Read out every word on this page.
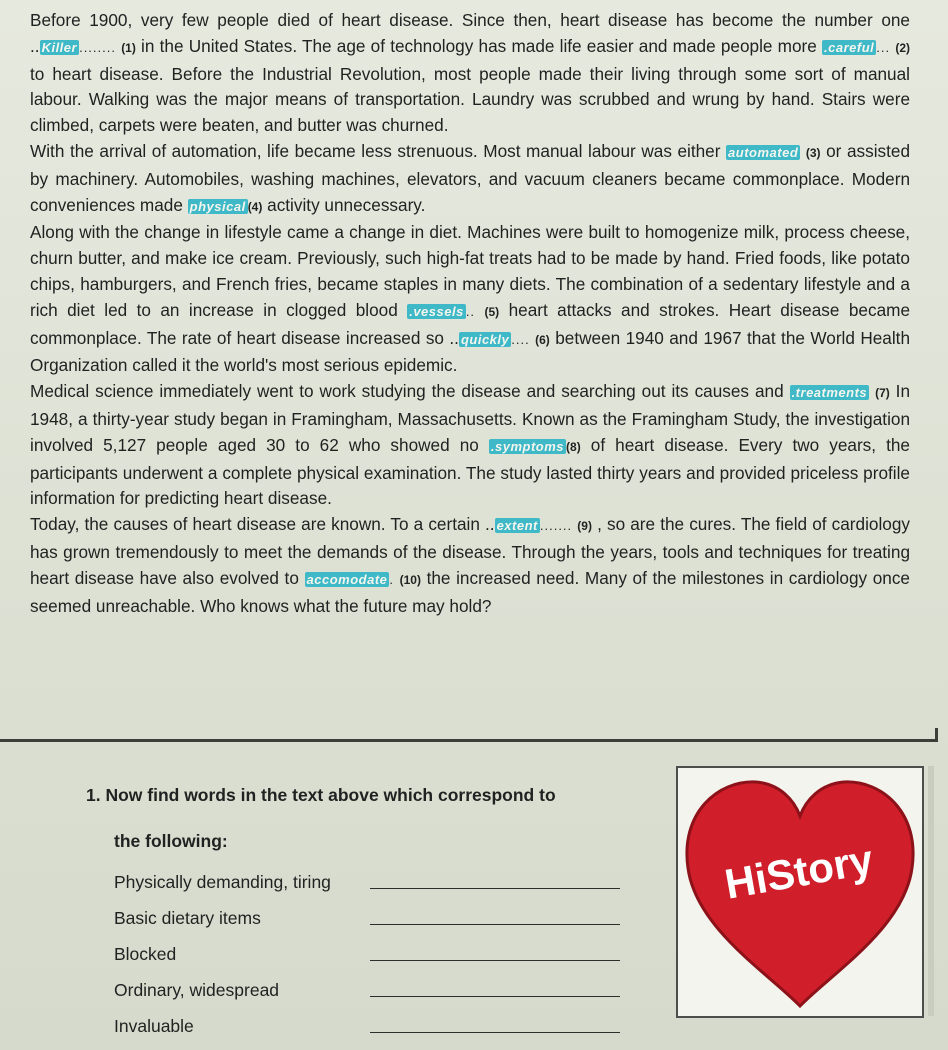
Before 1900, very few people died of heart disease. Since then, heart disease has become the number one .. Killer ........ (1) in the United States. The age of technology has made life easier and made people more .careful ... (2) to heart disease. Before the Industrial Revolution, most people made their living through some sort of manual labour. Walking was the major means of transportation. Laundry was scrubbed and wrung by hand. Stairs were climbed, carpets were beaten, and butter was churned.

With the arrival of automation, life became less strenuous. Most manual labour was either automated (3) or assisted by machinery. Automobiles, washing machines, elevators, and vacuum cleaners became commonplace. Modern conveniences made physical (4) activity unnecessary.

Along with the change in lifestyle came a change in diet. Machines were built to homogenize milk, process cheese, churn butter, and make ice cream. Previously, such high-fat treats had to be made by hand. Fried foods, like potato chips, hamburgers, and French fries, became staples in many diets. The combination of a sedentary lifestyle and a rich diet led to an increase in clogged blood .vessels .. (5) heart attacks and strokes. Heart disease became commonplace. The rate of heart disease increased so .. quickly .... (6) between 1940 and 1967 that the World Health Organization called it the world's most serious epidemic.

Medical science immediately went to work studying the disease and searching out its causes and .treatments (7) In 1948, a thirty-year study began in Framingham, Massachusetts. Known as the Framingham Study, the investigation involved 5,127 people aged 30 to 62 who showed no .symptoms (8) of heart disease. Every two years, the participants underwent a complete physical examination. The study lasted thirty years and provided priceless profile information for predicting heart disease.

Today, the causes of heart disease are known. To a certain .. extent ....... (9) , so are the cures. The field of cardiology has grown tremendously to meet the demands of the disease. Through the years, tools and techniques for treating heart disease have also evolved to accomodate . (10) the increased need. Many of the milestones in cardiology once seemed unreachable. Who knows what the future may hold?

1. Now find words in the text above which correspond to
the following:
Physically demanding, tiring
Basic dietary items
Blocked
Ordinary, widespread
Invaluable
HiStory
